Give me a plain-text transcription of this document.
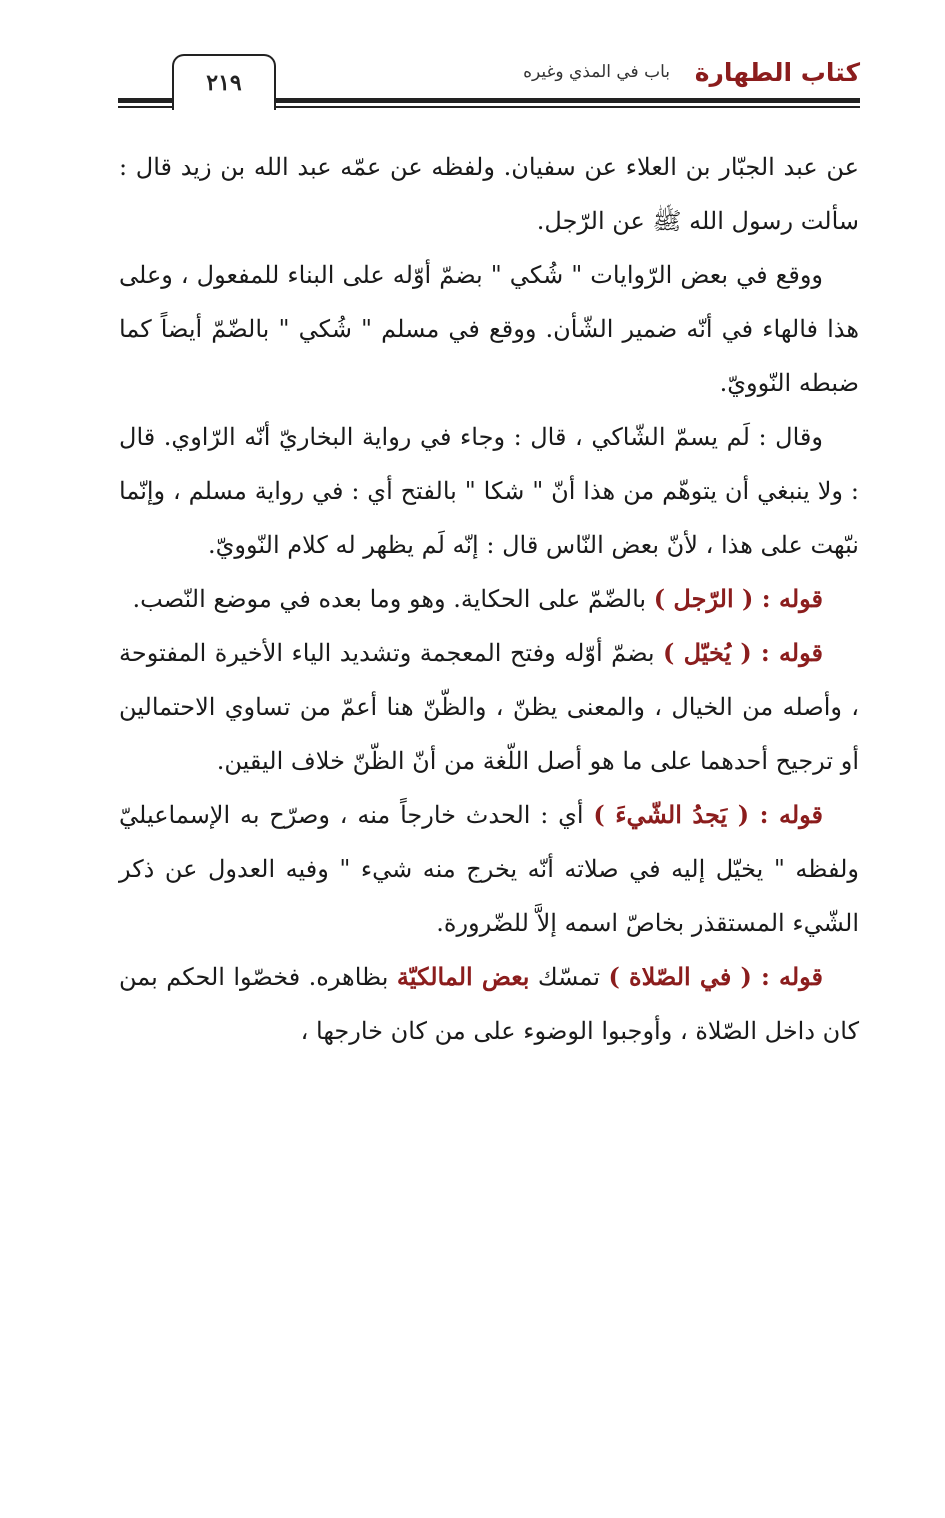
كتاب الطهارة
باب في المذي وغيره
٢١٩

عن عبد الجبّار بن العلاء عن سفيان. ولفظه عن عمّه عبد الله بن زيد قال : سألت رسول الله ﷺ عن الرّجل.

ووقع في بعض الرّوايات " شُكي " بضمّ أوّله على البناء للمفعول ، وعلى هذا فالهاء في أنّه ضمير الشّأن. ووقع في مسلم " شُكي " بالضّمّ أيضاً كما ضبطه النّوويّ.

وقال : لَم يسمّ الشّاكي ، قال : وجاء في رواية البخاريّ أنّه الرّاوي. قال : ولا ينبغي أن يتوهّم من هذا أنّ " شكا " بالفتح أي : في رواية مسلم ، وإنّما نبّهت على هذا ، لأنّ بعض النّاس قال : إنّه لَم يظهر له كلام النّوويّ.

قوله : ( الرّجل ) بالضّمّ على الحكاية. وهو وما بعده في موضع النّصب.

قوله : ( يُخيّل ) بضمّ أوّله وفتح المعجمة وتشديد الياء الأخيرة المفتوحة ، وأصله من الخيال ، والمعنى يظنّ ، والظّنّ هنا أعمّ من تساوي الاحتمالين أو ترجيح أحدهما على ما هو أصل اللّغة من أنّ الظّنّ خلاف اليقين.

قوله : ( يَجدُ الشّيءَ ) أي : الحدث خارجاً منه ، وصرّح به الإسماعيليّ ولفظه " يخيّل إليه في صلاته أنّه يخرج منه شيء " وفيه العدول عن ذكر الشّيء المستقذر بخاصّ اسمه إلاَّ للضّرورة.

قوله : ( في الصّلاة ) تمسّك بعض المالكيّة بظاهره. فخصّوا الحكم بمن كان داخل الصّلاة ، وأوجبوا الوضوء على من كان خارجها ،
